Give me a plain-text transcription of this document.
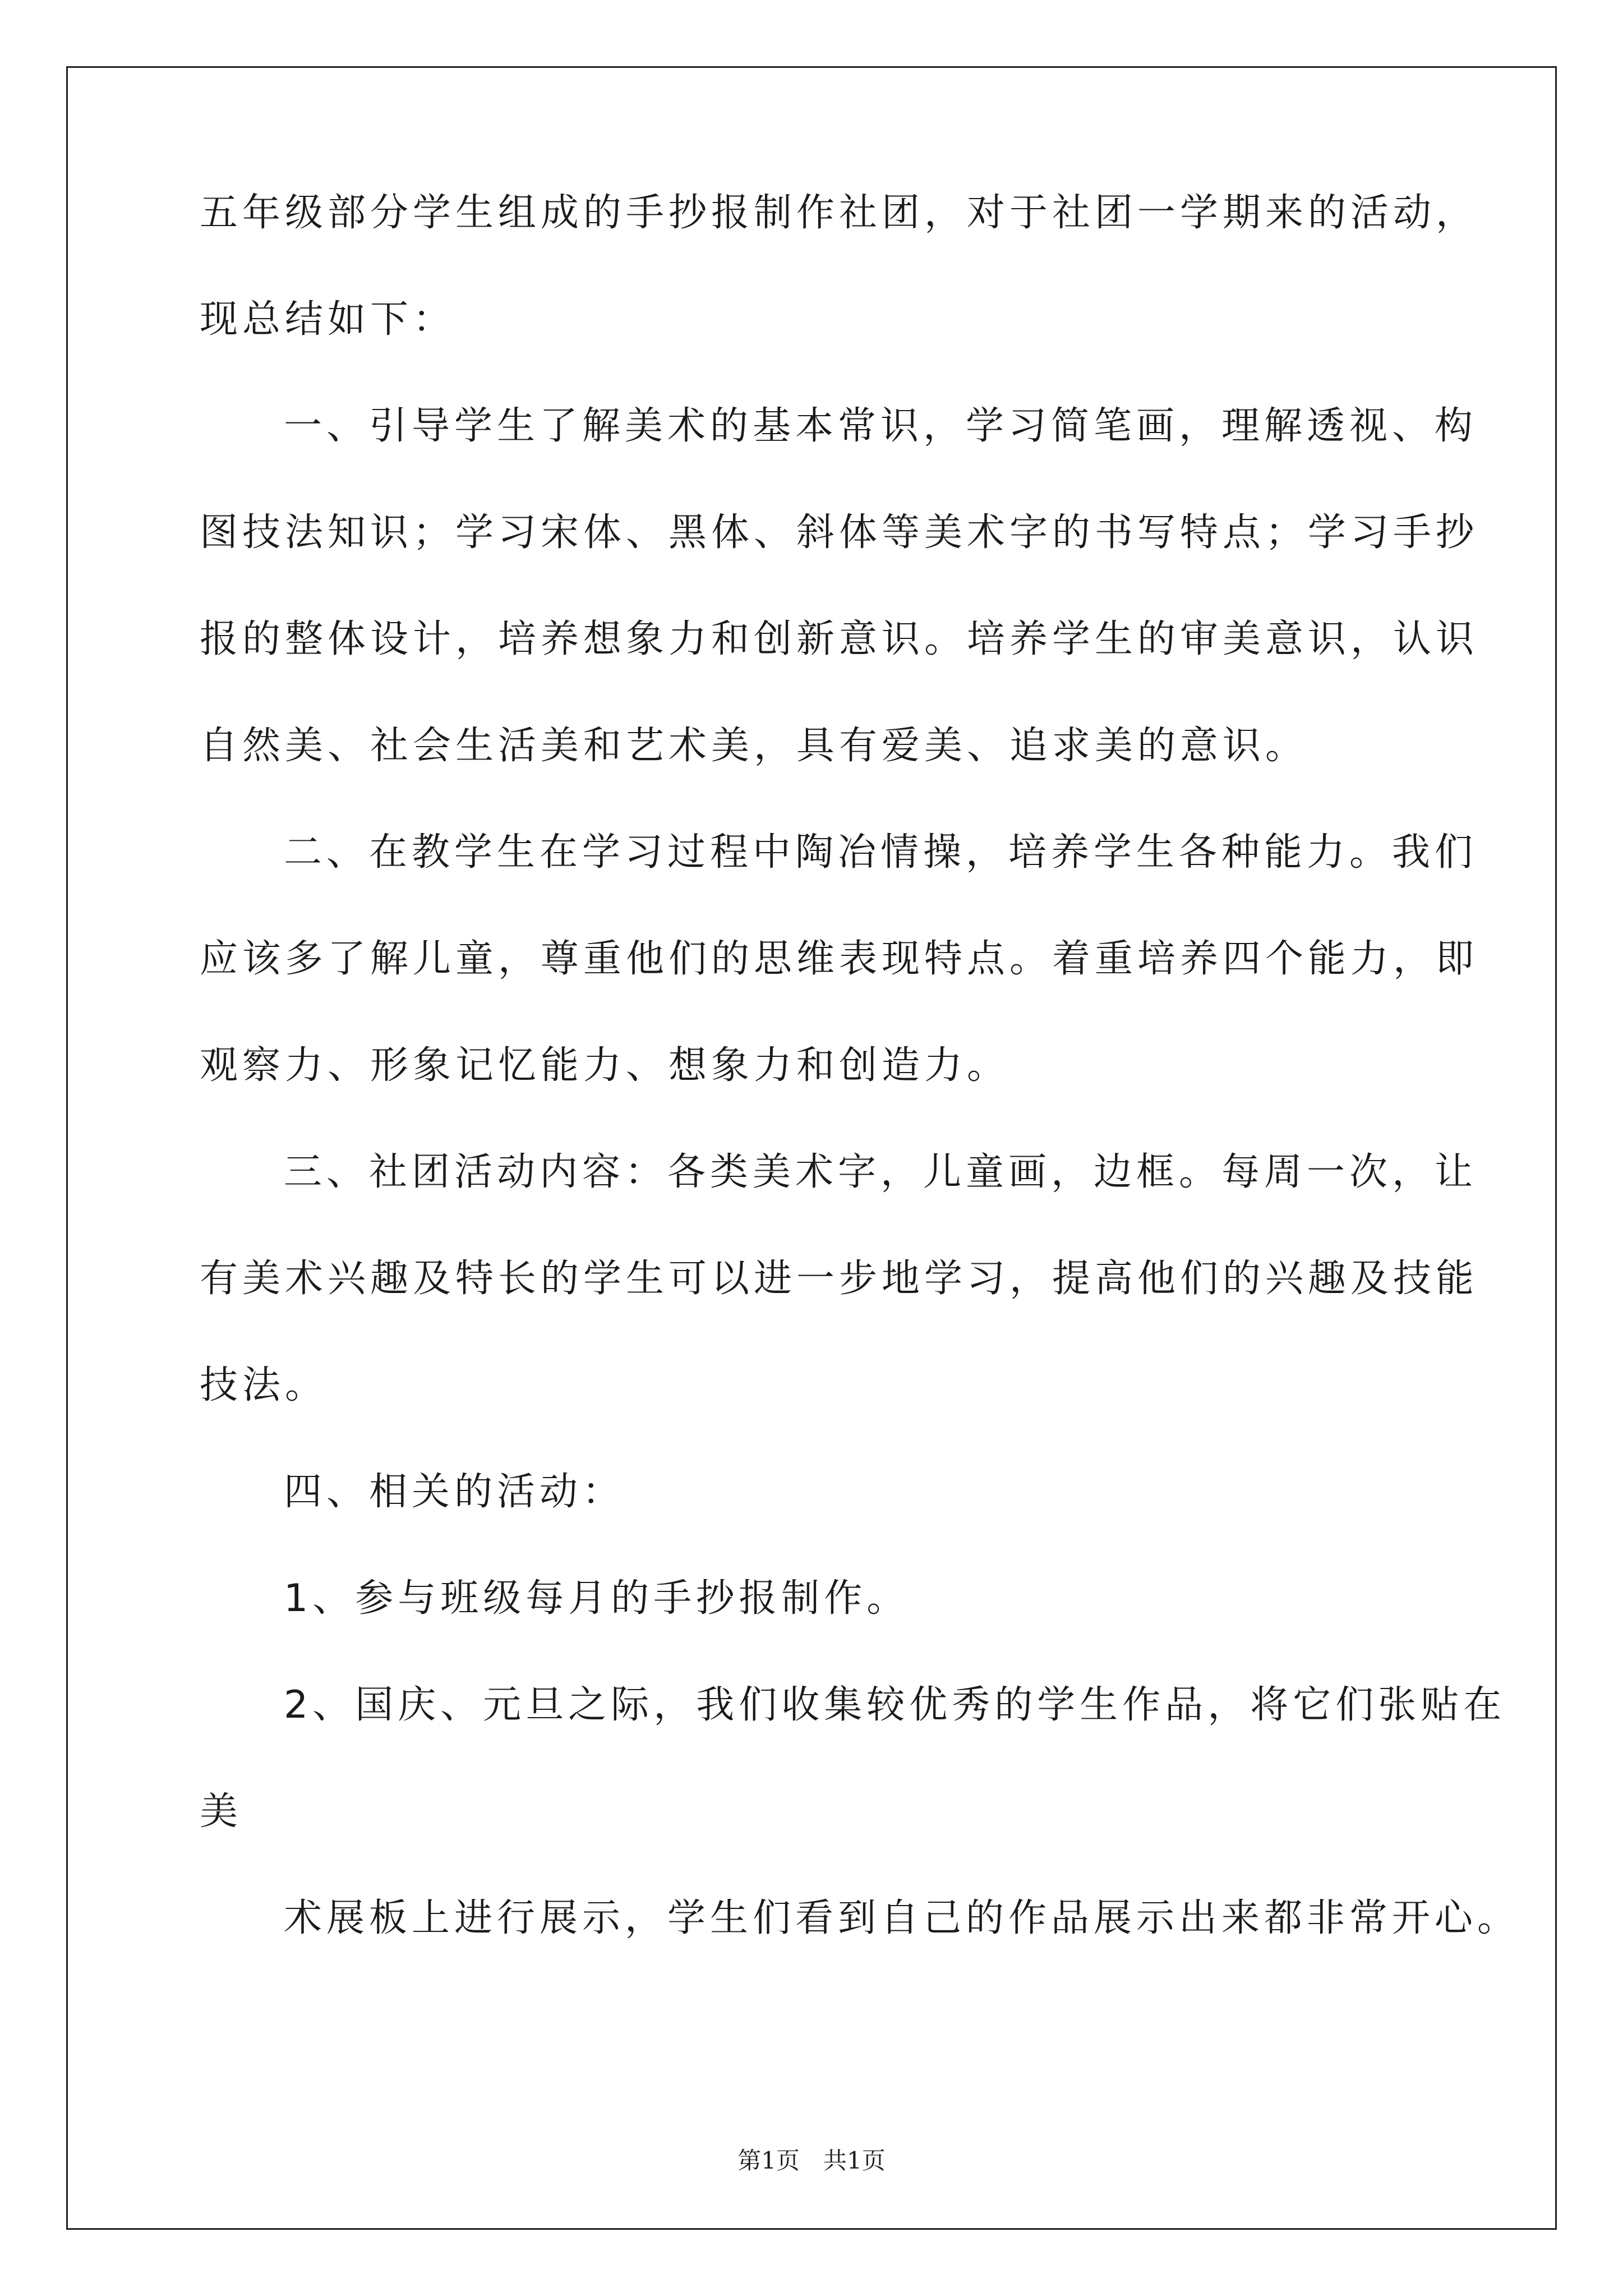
五年级部分学生组成的手抄报制作社团，对于社团一学期来的活动，
现总结如下：
一、引导学生了解美术的基本常识，学习简笔画，理解透视、构
图技法知识；学习宋体、黑体、斜体等美术字的书写特点；学习手抄
报的整体设计，培养想象力和创新意识。培养学生的审美意识，认识
自然美、社会生活美和艺术美，具有爱美、追求美的意识。
二、在教学生在学习过程中陶冶情操，培养学生各种能力。我们
应该多了解儿童，尊重他们的思维表现特点。着重培养四个能力，即
观察力、形象记忆能力、想象力和创造力。
三、社团活动内容：各类美术字，儿童画，边框。每周一次，让
有美术兴趣及特长的学生可以进一步地学习，提高他们的兴趣及技能
技法。
四、相关的活动：
1、参与班级每月的手抄报制作。
2、国庆、元旦之际，我们收集较优秀的学生作品，将它们张贴在
美
术展板上进行展示，学生们看到自己的作品展示出来都非常开心。
第1页 共1页
